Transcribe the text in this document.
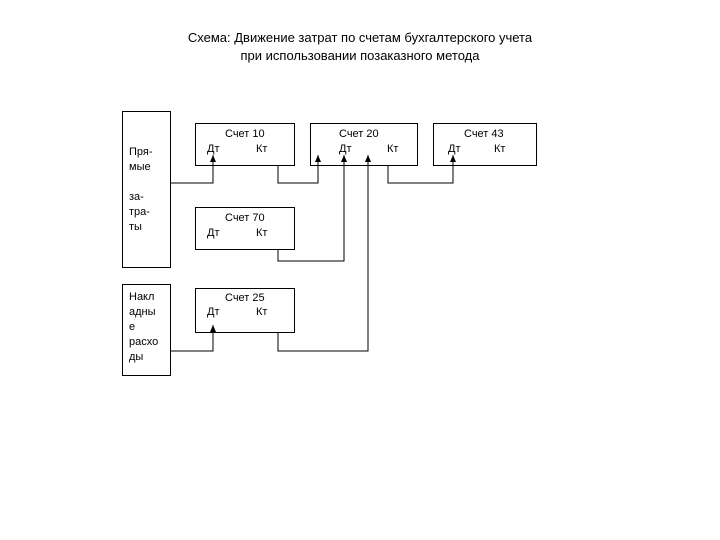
Схема: Движение затрат по счетам бухгалтерского учета
при использовании позаказного метода
Пря-
мые
за-
тра-
ты
Накл
адны
е
расхо
ды
Счет 10
Дт	Кт
Счет 20
Дт	Кт
Счет 43
Дт	Кт
Счет 70
Дт	Кт
Счет 25
Дт	Кт
